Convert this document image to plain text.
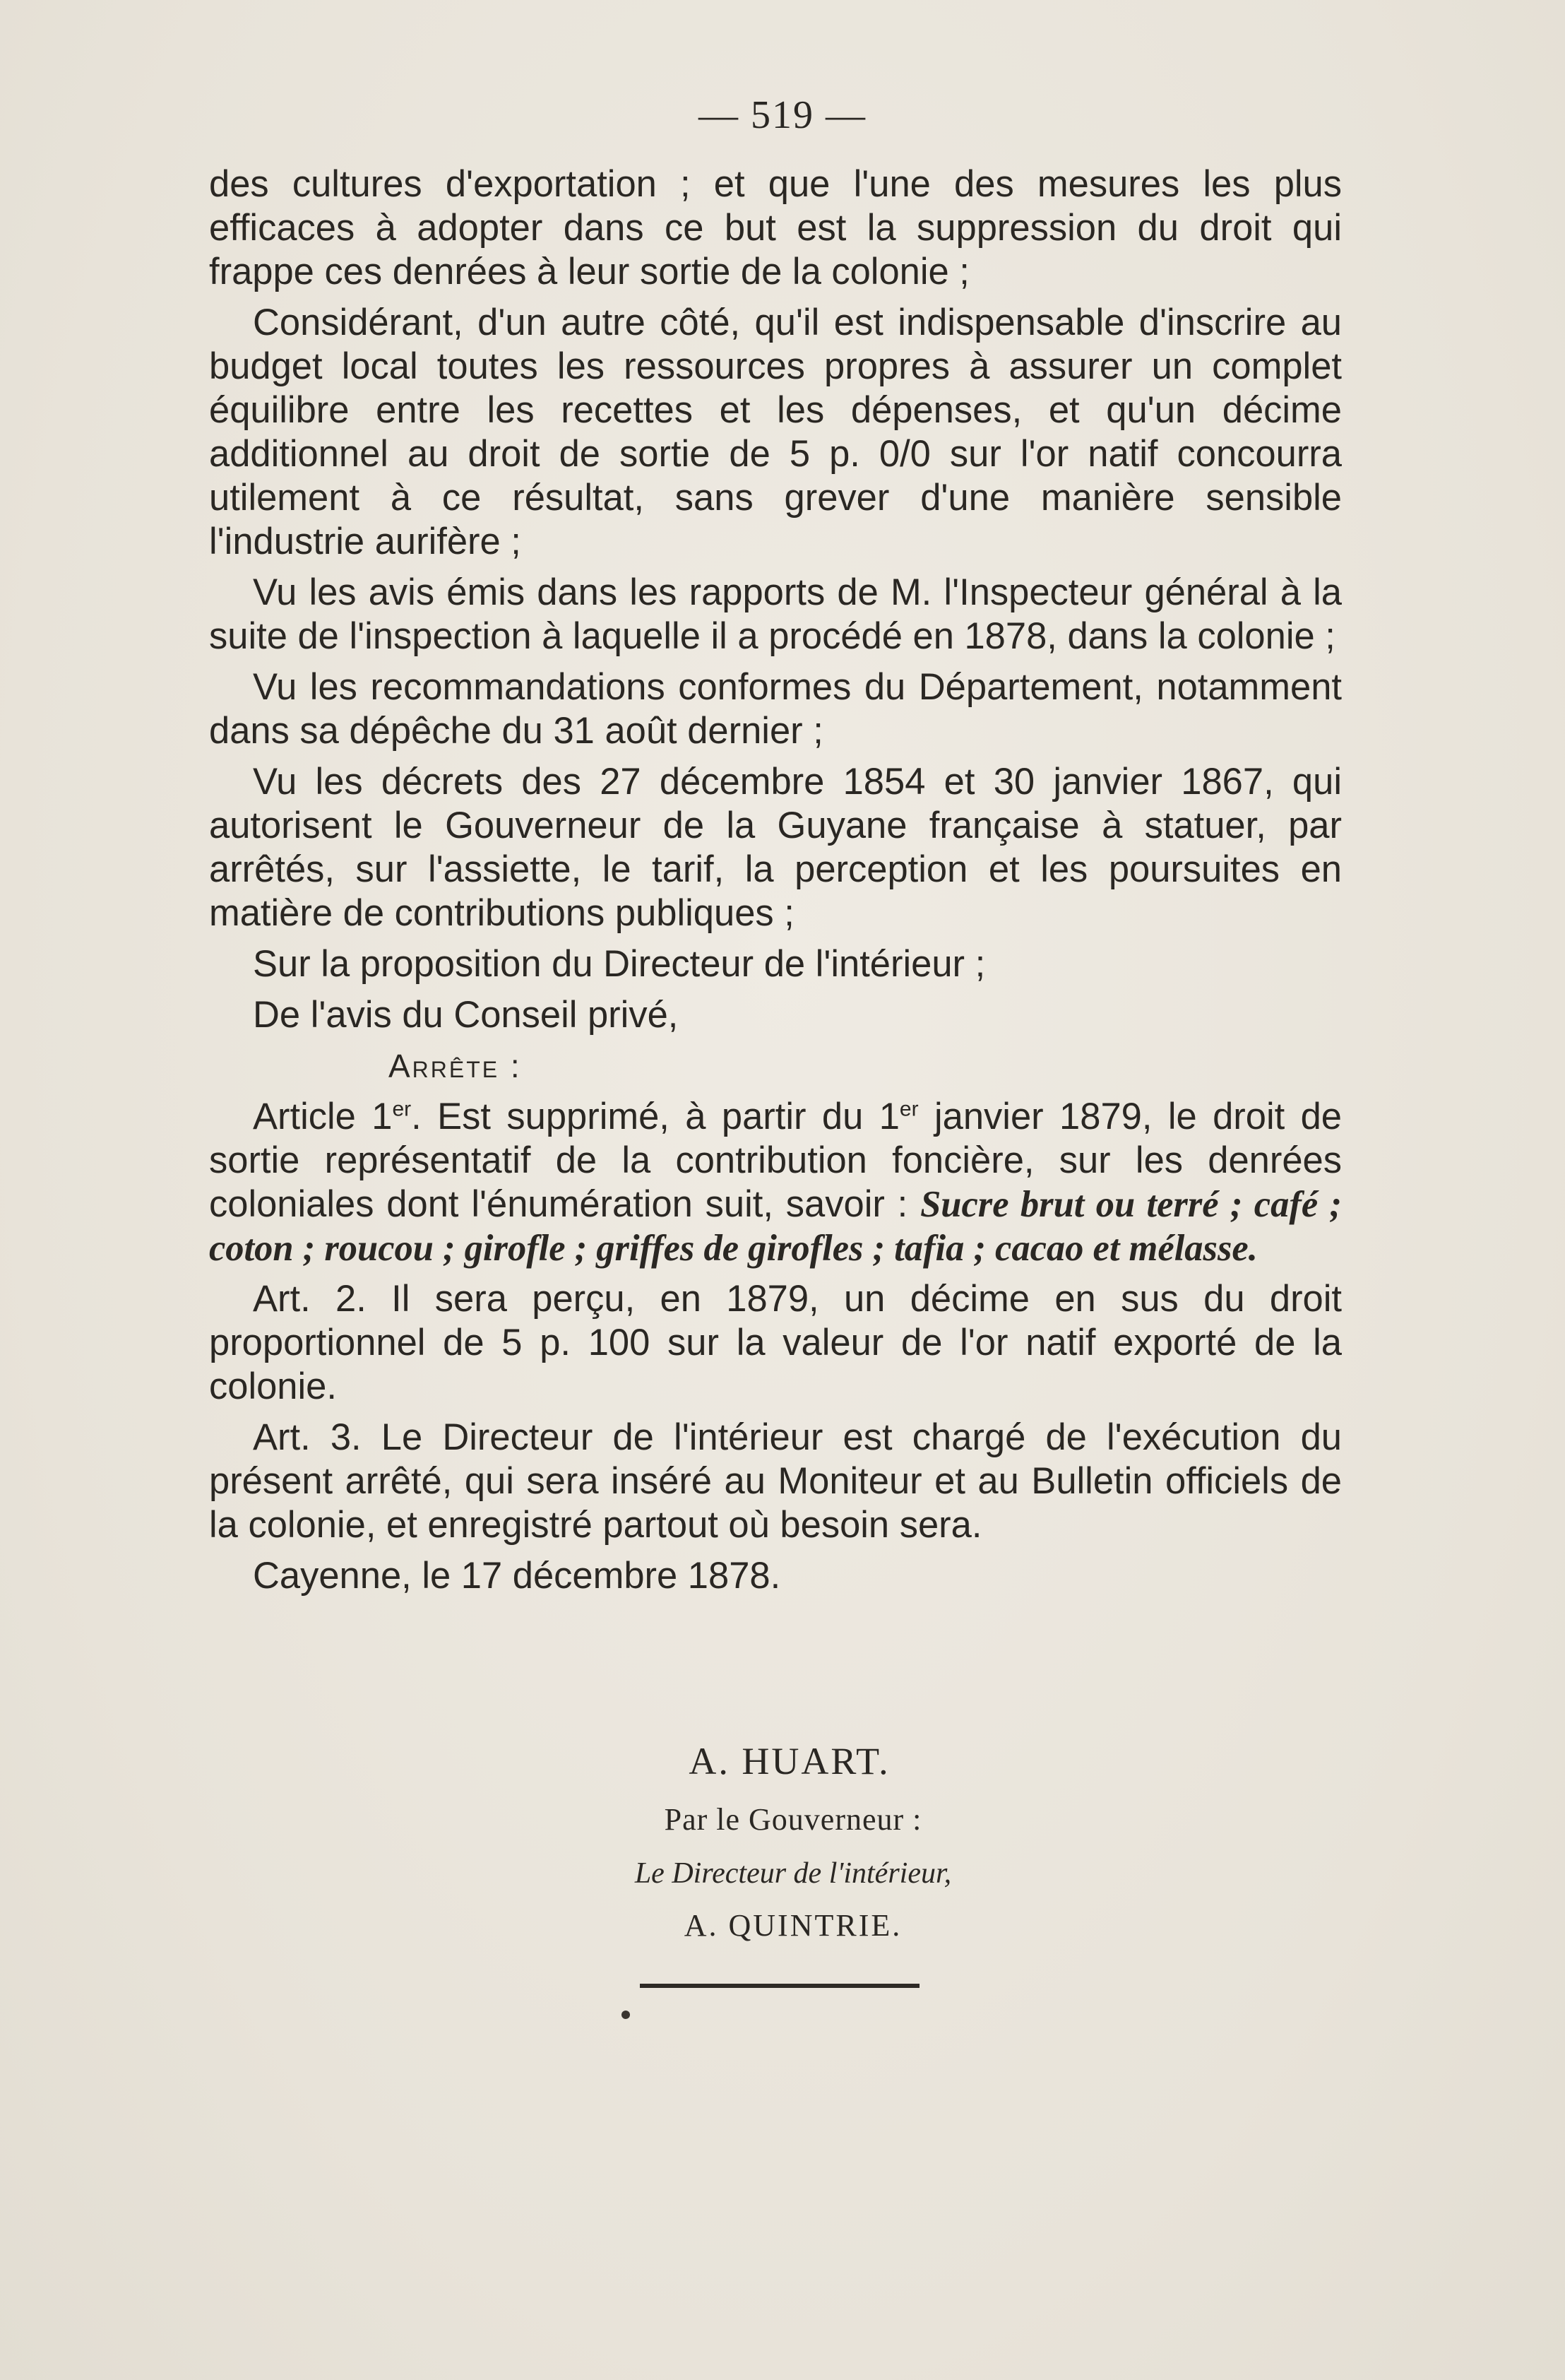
— 519 —

des cultures d'exportation ; et que l'une des mesures les plus efficaces à adopter dans ce but est la suppression du droit qui frappe ces denrées à leur sortie de la colonie ;

Considérant, d'un autre côté, qu'il est indispensable d'inscrire au budget local toutes les ressources propres à assurer un complet équilibre entre les recettes et les dépenses, et qu'un décime additionnel au droit de sortie de 5 p. 0/0 sur l'or natif concourra utilement à ce résultat, sans grever d'une manière sensible l'industrie aurifère ;

Vu les avis émis dans les rapports de M. l'Inspecteur général à la suite de l'inspection à laquelle il a procédé en 1878, dans la colonie ;

Vu les recommandations conformes du Département, notamment dans sa dépêche du 31 août dernier ;

Vu les décrets des 27 décembre 1854 et 30 janvier 1867, qui autorisent le Gouverneur de la Guyane française à statuer, par arrêtés, sur l'assiette, le tarif, la perception et les poursuites en matière de contributions publiques ;

Sur la proposition du Directeur de l'intérieur ;

De l'avis du Conseil privé,

Arrête :

Article 1er. Est supprimé, à partir du 1er janvier 1879, le droit de sortie représentatif de la contribution foncière, sur les denrées coloniales dont l'énumération suit, savoir : Sucre brut ou terré ; café ; coton ; roucou ; girofle ; griffes de girofles ; tafia ; cacao et mélasse.

Art. 2. Il sera perçu, en 1879, un décime en sus du droit proportionnel de 5 p. 100 sur la valeur de l'or natif exporté de la colonie.

Art. 3. Le Directeur de l'intérieur est chargé de l'exécution du présent arrêté, qui sera inséré au Moniteur et au Bulletin officiels de la colonie, et enregistré partout où besoin sera.

Cayenne, le 17 décembre 1878.

A. HUART.
Par le Gouverneur :
Le Directeur de l'intérieur,
A. QUINTRIE.
